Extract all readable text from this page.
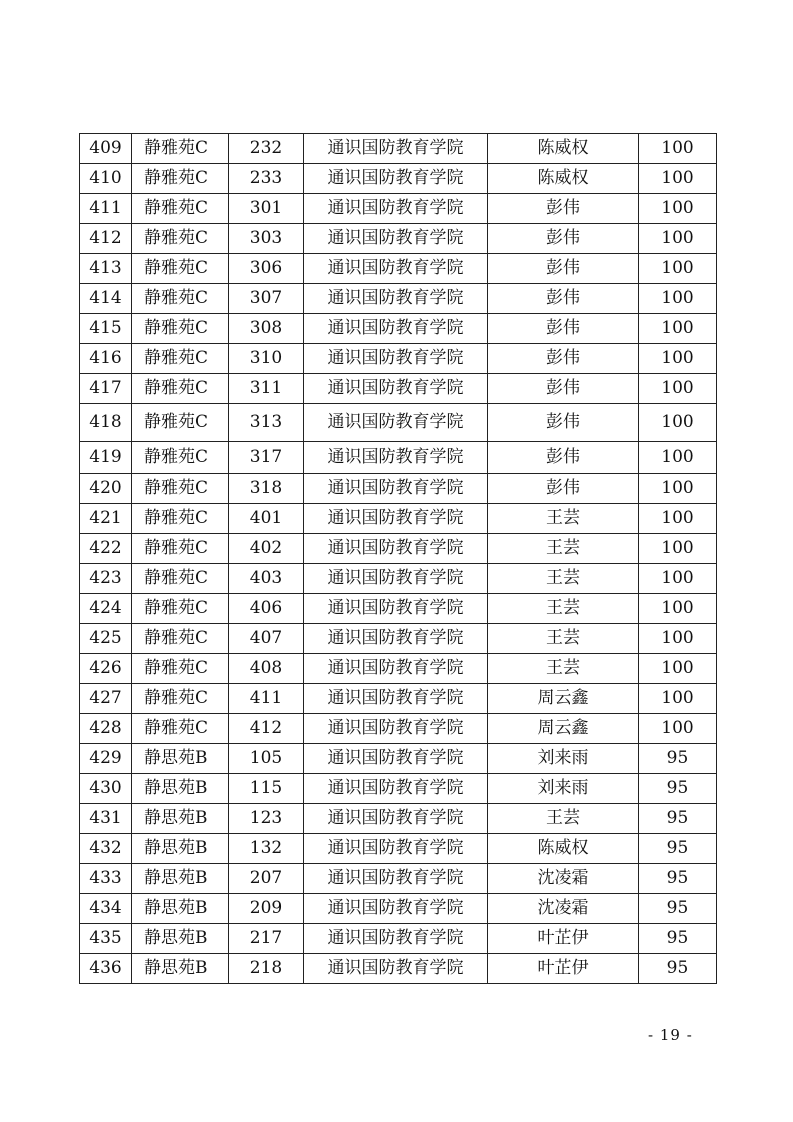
409	静雅苑C	232	通识国防教育学院	陈威权	100
410	静雅苑C	233	通识国防教育学院	陈威权	100
411	静雅苑C	301	通识国防教育学院	彭伟	100
412	静雅苑C	303	通识国防教育学院	彭伟	100
413	静雅苑C	306	通识国防教育学院	彭伟	100
414	静雅苑C	307	通识国防教育学院	彭伟	100
415	静雅苑C	308	通识国防教育学院	彭伟	100
416	静雅苑C	310	通识国防教育学院	彭伟	100
417	静雅苑C	311	通识国防教育学院	彭伟	100
418	静雅苑C	313	通识国防教育学院	彭伟	100
419	静雅苑C	317	通识国防教育学院	彭伟	100
420	静雅苑C	318	通识国防教育学院	彭伟	100
421	静雅苑C	401	通识国防教育学院	王芸	100
422	静雅苑C	402	通识国防教育学院	王芸	100
423	静雅苑C	403	通识国防教育学院	王芸	100
424	静雅苑C	406	通识国防教育学院	王芸	100
425	静雅苑C	407	通识国防教育学院	王芸	100
426	静雅苑C	408	通识国防教育学院	王芸	100
427	静雅苑C	411	通识国防教育学院	周云鑫	100
428	静雅苑C	412	通识国防教育学院	周云鑫	100
429	静思苑B	105	通识国防教育学院	刘来雨	95
430	静思苑B	115	通识国防教育学院	刘来雨	95
431	静思苑B	123	通识国防教育学院	王芸	95
432	静思苑B	132	通识国防教育学院	陈威权	95
433	静思苑B	207	通识国防教育学院	沈凌霜	95
434	静思苑B	209	通识国防教育学院	沈凌霜	95
435	静思苑B	217	通识国防教育学院	叶芷伊	95
436	静思苑B	218	通识国防教育学院	叶芷伊	95
- 19 -
